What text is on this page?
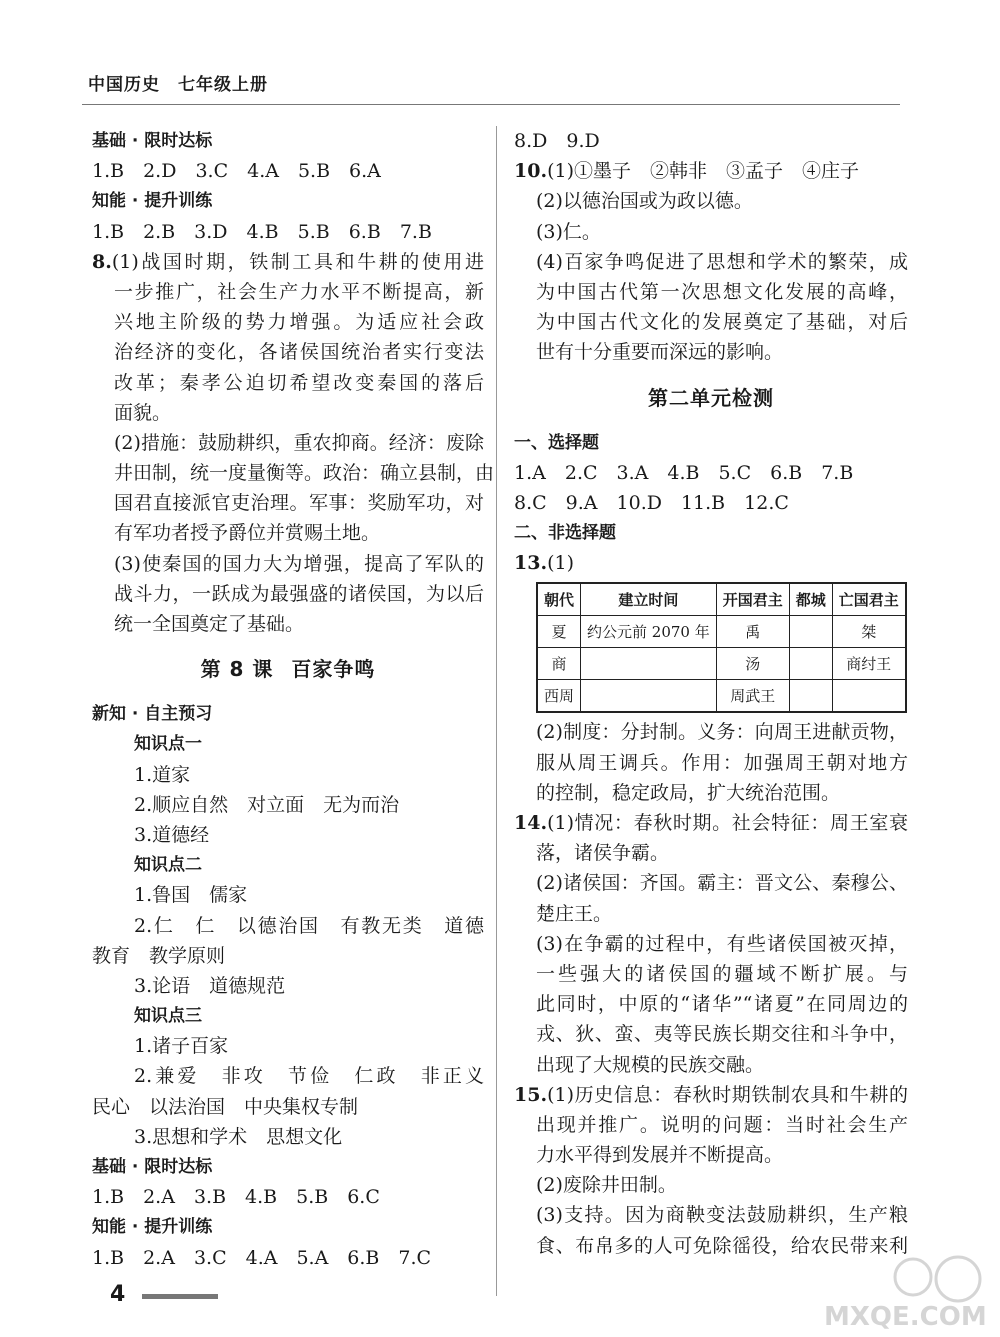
中国历史　七年级上册
基础 · 限时达标
1.B　2.D　3.C　4.A　5.B　6.A
知能 · 提升训练
1.B　2.B　3.D　4.B　5.B　6.B　7.B
8.(1)战国时期，铁制工具和牛耕的使用进
一步推广，社会生产力水平不断提高，新
兴地主阶级的势力增强。为适应社会政
治经济的变化，各诸侯国统治者实行变法
改革；秦孝公迫切希望改变秦国的落后
面貌。
(2)措施：鼓励耕织，重农抑商。经济：废除
井田制，统一度量衡等。政治：确立县制，由
国君直接派官吏治理。军事：奖励军功，对
有军功者授予爵位并赏赐土地。
(3)使秦国的国力大为增强，提高了军队的
战斗力，一跃成为最强盛的诸侯国，为以后
统一全国奠定了基础。
第 8 课 百家争鸣
新知 · 自主预习
知识点一
1.道家
2.顺应自然　对立面　无为而治
3.道德经
知识点二
1.鲁国　儒家
2.仁　仁　以德治国　有教无类　道德
教育　教学原则
3.论语　道德规范
知识点三
1.诸子百家
2.兼爱　非攻　节俭　仁政　非正义
民心　以法治国　中央集权专制
3.思想和学术　思想文化
基础 · 限时达标
1.B　2.A　3.B　4.B　5.B　6.C
知能 · 提升训练
1.B　2.A　3.C　4.A　5.A　6.B　7.C
8.D　9.D
10.(1)①墨子　②韩非　③孟子　④庄子
(2)以德治国或为政以德。
(3)仁。
(4)百家争鸣促进了思想和学术的繁荣，成
为中国古代第一次思想文化发展的高峰，
为中国古代文化的发展奠定了基础，对后
世有十分重要而深远的影响。
第二单元检测
一、选择题
1.A　2.C　3.A　4.B　5.C　6.B　7.B
8.C　9.A　10.D　11.B　12.C
二、非选择题
13.(1)
朝代	建立时间	开国君主	都城	亡国君主
夏	约公元前 2070 年	禹		桀
商		汤		商纣王
西周		周武王		
(2)制度：分封制。义务：向周王进献贡物，
服从周王调兵。作用：加强周王朝对地方
的控制，稳定政局，扩大统治范围。
14.(1)情况：春秋时期。社会特征：周王室衰
落，诸侯争霸。
(2)诸侯国：齐国。霸主：晋文公、秦穆公、
楚庄王。
(3)在争霸的过程中，有些诸侯国被灭掉，
一些强大的诸侯国的疆域不断扩展。与
此同时，中原的“诸华”“诸夏”在同周边的
戎、狄、蛮、夷等民族长期交往和斗争中，
出现了大规模的民族交融。
15.(1)历史信息：春秋时期铁制农具和牛耕的
出现并推广。说明的问题：当时社会生产
力水平得到发展并不断提高。
(2)废除井田制。
(3)支持。因为商鞅变法鼓励耕织，生产粮
食、布帛多的人可免除徭役，给农民带来利
4
MXQE.COM
